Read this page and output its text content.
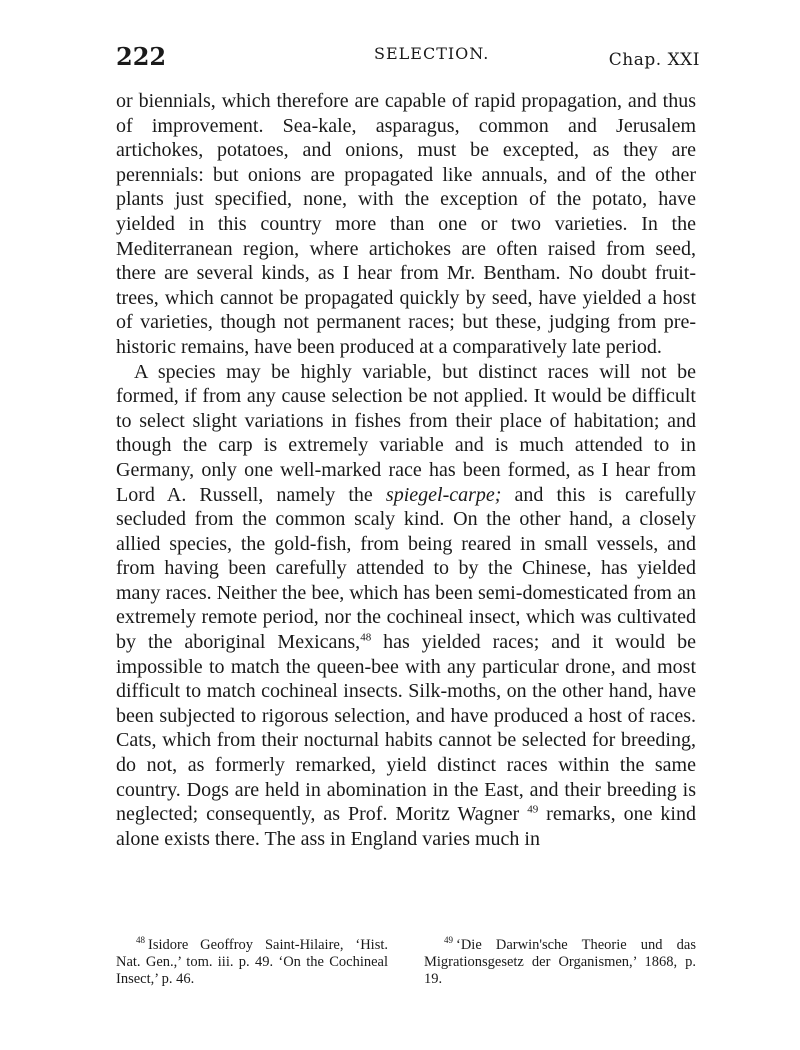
222	SELECTION.	Chap. XXI

or biennials, which therefore are capable of rapid propagation, and thus of improvement. Sea-kale, asparagus, common and Jerusalem artichokes, potatoes, and onions, must be excepted, as they are perennials: but onions are propagated like annuals, and of the other plants just specified, none, with the exception of the potato, have yielded in this country more than one or two varieties. In the Mediterranean region, where artichokes are often raised from seed, there are several kinds, as I hear from Mr. Bentham. No doubt fruit-trees, which cannot be propagated quickly by seed, have yielded a host of varieties, though not permanent races; but these, judging from pre-historic remains, have been produced at a comparatively late period.

A species may be highly variable, but distinct races will not be formed, if from any cause selection be not applied. It would be difficult to select slight variations in fishes from their place of habitation; and though the carp is extremely variable and is much attended to in Germany, only one well-marked race has been formed, as I hear from Lord A. Russell, namely the spiegel-carpe; and this is carefully secluded from the common scaly kind. On the other hand, a closely allied species, the gold-fish, from being reared in small vessels, and from having been carefully attended to by the Chinese, has yielded many races. Neither the bee, which has been semi-domesticated from an extremely remote period, nor the cochineal insect, which was cultivated by the aboriginal Mexicans,$^{48}$ has yielded races; and it would be impossible to match the queen-bee with any particular drone, and most difficult to match cochineal insects. Silk-moths, on the other hand, have been subjected to rigorous selection, and have produced a host of races. Cats, which from their nocturnal habits cannot be selected for breeding, do not, as formerly remarked, yield distinct races within the same country. Dogs are held in abomination in the East, and their breeding is neglected; consequently, as Prof. Moritz Wagner $^{49}$ remarks, one kind alone exists there. The ass in England varies much in

$^{48}$ Isidore Geoffroy Saint-Hilaire, ‘Hist. Nat. Gen.,’ tom. iii. p. 49. ‘On the Cochineal Insect,’ p. 46.
$^{49}$ ‘Die Darwin'sche Theorie und das Migrationsgesetz der Organismen,’ 1868, p. 19.
